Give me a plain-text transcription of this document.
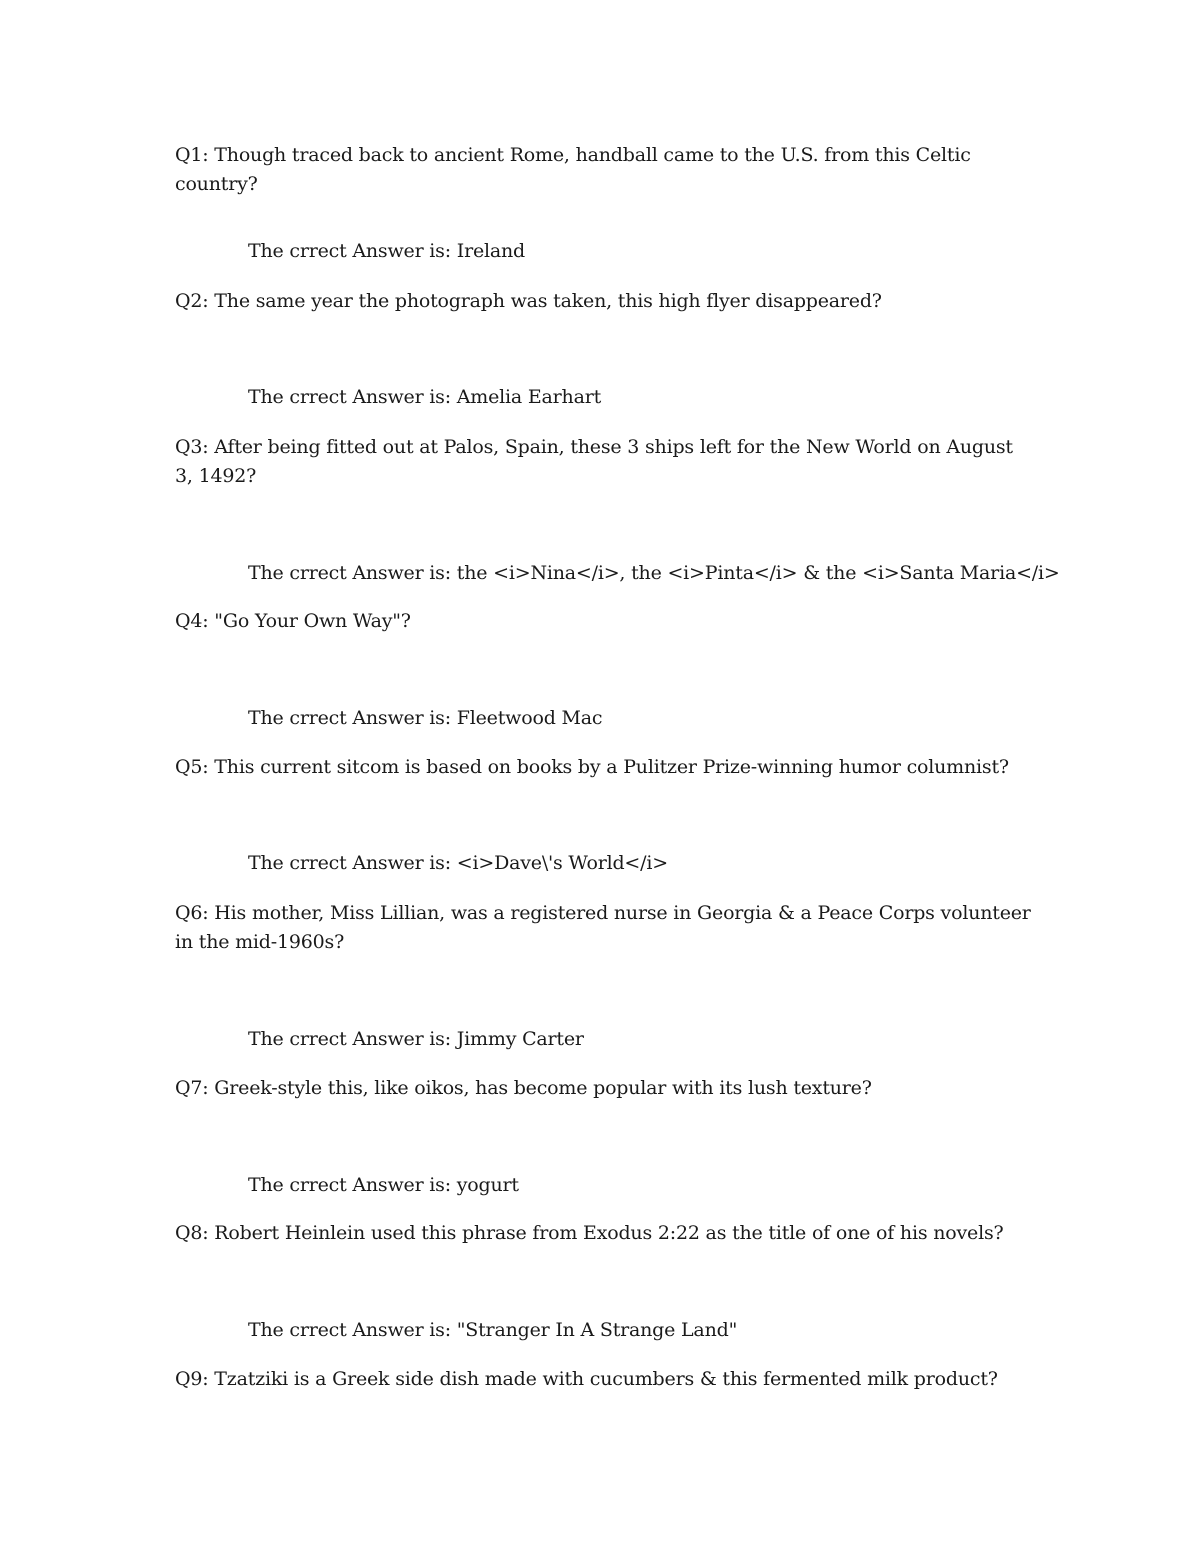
Q1: Though traced back to ancient Rome, handball came to the U.S. from this Celtic country?
The crrect Answer is: Ireland
Q2: The same year the photograph was taken, this high flyer disappeared?
The crrect Answer is: Amelia Earhart
Q3: After being fitted out at Palos, Spain, these 3 ships left for the New World on August 3, 1492?
The crrect Answer is: the <i>Nina</i>, the <i>Pinta</i> & the <i>Santa Maria</i>
Q4: "Go Your Own Way"?
The crrect Answer is: Fleetwood Mac
Q5: This current sitcom is based on books by a Pulitzer Prize-winning humor columnist?
The crrect Answer is: <i>Dave\'s World</i>
Q6: His mother, Miss Lillian, was a registered nurse in Georgia & a Peace Corps volunteer in the mid-1960s?
The crrect Answer is: Jimmy Carter
Q7: Greek-style this, like oikos, has become popular with its lush texture?
The crrect Answer is: yogurt
Q8: Robert Heinlein used this phrase from Exodus 2:22 as the title of one of his novels?
The crrect Answer is: "Stranger In A Strange Land"
Q9: Tzatziki is a Greek side dish made with cucumbers & this fermented milk product?
